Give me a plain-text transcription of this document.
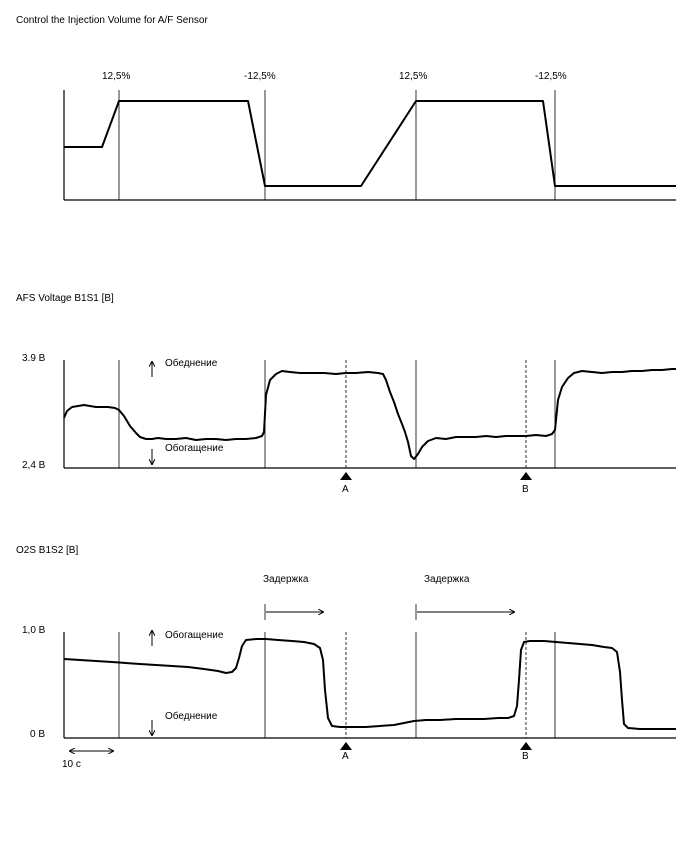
Control the Injection Volume for A/F Sensor
AFS Voltage B1S1 [B]
O2S B1S2 [B]
12,5%	-12,5%	12,5%	-12,5%
3.9 В
2,4 В
Обеднение
Обогащение
A	B
Задержка	Задержка
1,0 В
0 В
Обогащение
Обеднение
A	B
10 с
